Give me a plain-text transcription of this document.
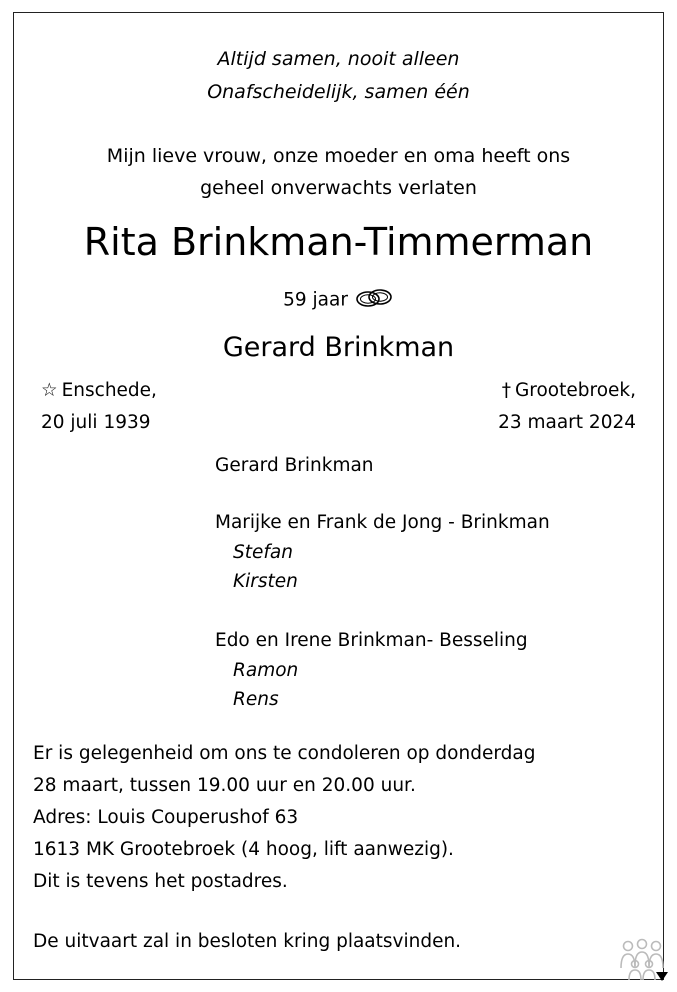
Altijd samen, nooit alleen
Onafscheidelijk, samen één
Mijn lieve vrouw, onze moeder en oma heeft ons
geheel onverwachts verlaten
Rita Brinkman-Timmerman
59 jaar
Gerard Brinkman
☆ Enschede,
20 juli 1939
† Grootebroek,
23 maart 2024
Gerard Brinkman
Marijke en Frank de Jong - Brinkman
Stefan
Kirsten
Edo en Irene Brinkman- Besseling
Ramon
Rens
Er is gelegenheid om ons te condoleren op donderdag
28 maart, tussen 19.00 uur en 20.00 uur.
Adres: Louis Couperushof 63
1613 MK Grootebroek (4 hoog, lift aanwezig).
Dit is tevens het postadres.
De uitvaart zal in besloten kring plaatsvinden.
